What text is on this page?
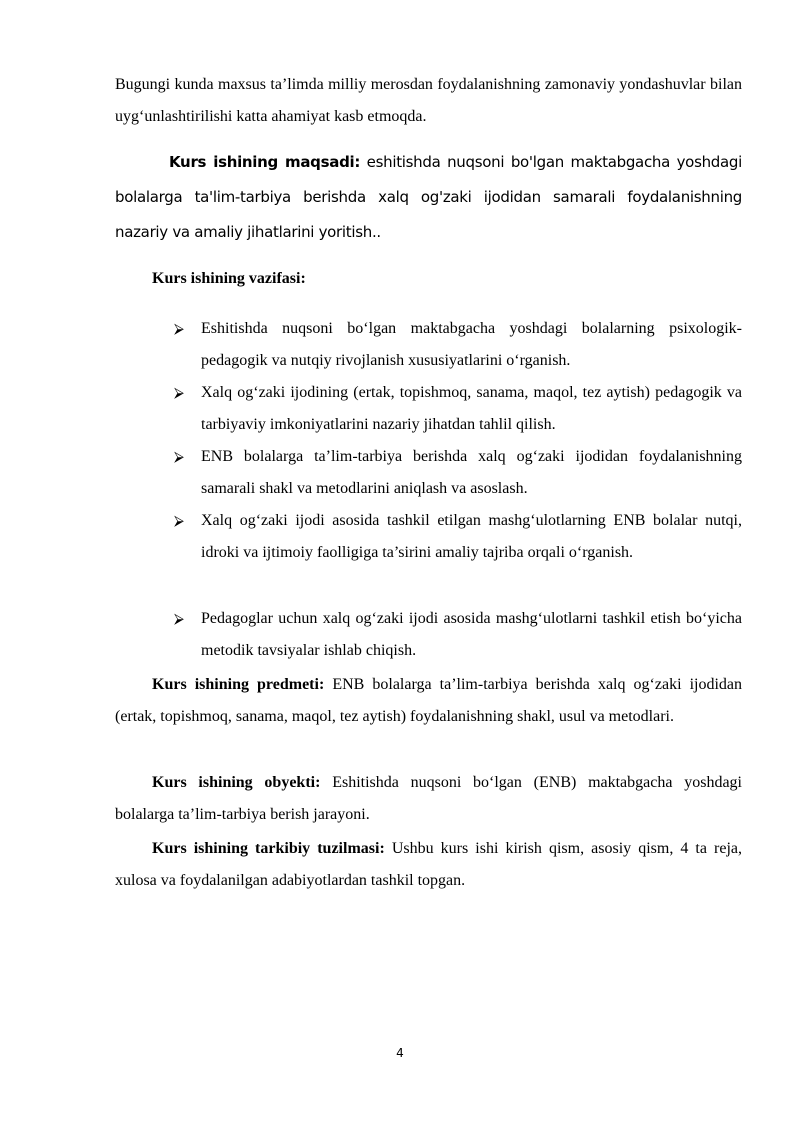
Bugungi kunda maxsus ta’limda milliy merosdan foydalanishning zamonaviy yondashuvlar bilan uyg‘unlashtirilishi katta ahamiyat kasb etmoqda.

Kurs ishining maqsadi: eshitishda nuqsoni bo'lgan maktabgacha yoshdagi bolalarga ta'lim-tarbiya berishda xalq og'zaki ijodidan samarali foydalanishning nazariy va amaliy jihatlarini yoritish..

Kurs ishining vazifasi:
⮚	Eshitishda nuqsoni bo‘lgan maktabgacha yoshdagi bolalarning psixologik-pedagogik va nutqiy rivojlanish xususiyatlarini o‘rganish.
⮚	Xalq og‘zaki ijodining (ertak, topishmoq, sanama, maqol, tez aytish) pedagogik va tarbiyaviy imkoniyatlarini nazariy jihatdan tahlil qilish.
⮚	ENB bolalarga ta’lim-tarbiya berishda xalq og‘zaki ijodidan foydalanishning samarali shakl va metodlarini aniqlash va asoslash.
⮚	Xalq og‘zaki ijodi asosida tashkil etilgan mashg‘ulotlarning ENB bolalar nutqi, idroki va ijtimoiy faolligiga ta’sirini amaliy tajriba orqali o‘rganish.
⮚	Pedagoglar uchun xalq og‘zaki ijodi asosida mashg‘ulotlarni tashkil etish bo‘yicha metodik tavsiyalar ishlab chiqish.

Kurs ishining predmeti: ENB bolalarga ta’lim-tarbiya berishda xalq og‘zaki ijodidan (ertak, topishmoq, sanama, maqol, tez aytish) foydalanishning shakl, usul va metodlari.

Kurs ishining obyekti: Eshitishda nuqsoni bo‘lgan (ENB) maktabgacha yoshdagi bolalarga ta’lim-tarbiya berish jarayoni.

Kurs ishining tarkibiy tuzilmasi: Ushbu kurs ishi kirish qism, asosiy qism, 4 ta reja, xulosa va foydalanilgan adabiyotlardan tashkil topgan.

4
